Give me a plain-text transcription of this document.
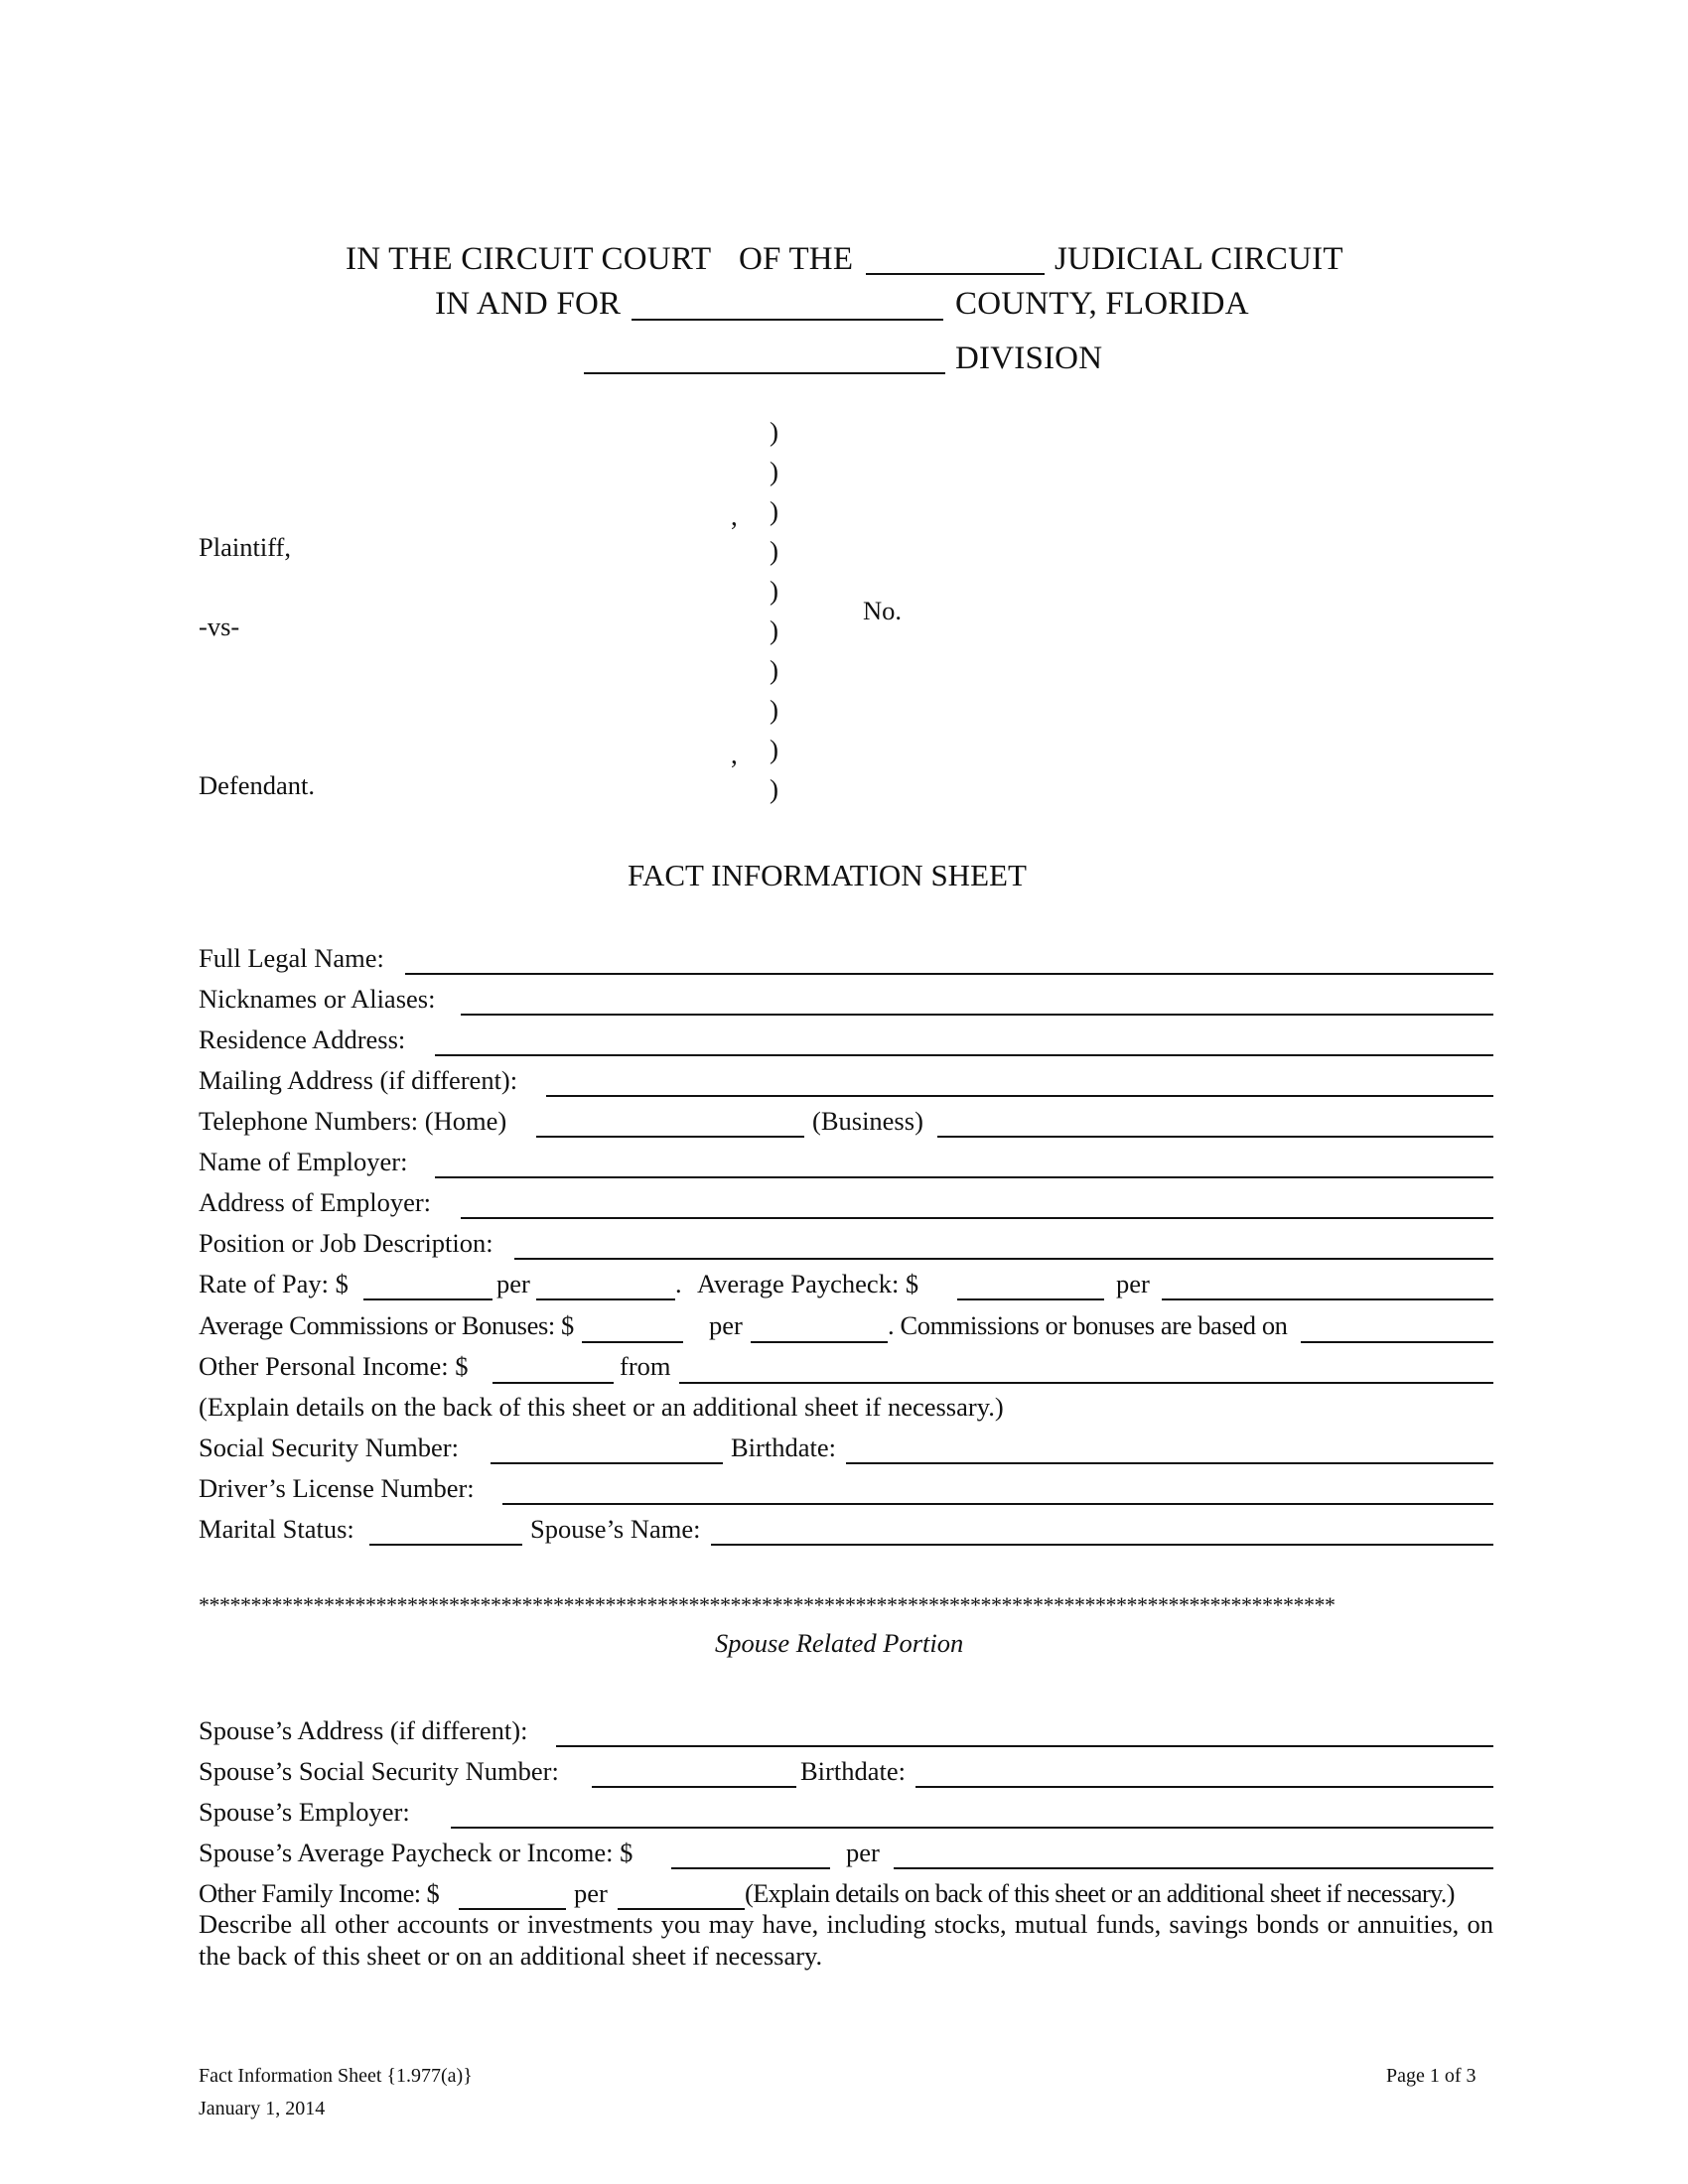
IN THE CIRCUIT COURT OF THE	JUDICIAL CIRCUIT
IN AND FOR	COUNTY, FLORIDA
DIVISION
)
)
)
)
)
)
)
)
)
)
,
,
Plaintiff,
-vs-
Defendant.
No.
FACT INFORMATION SHEET
Full Legal Name:
Nicknames or Aliases:
Residence Address:
Mailing Address (if different):
Telephone Numbers: (Home)	(Business)
Name of Employer:
Address of Employer:
Position or Job Description:
Rate of Pay: $	per	. Average Paycheck: $	per
Average Commissions or Bonuses: $	per	. Commissions or bonuses are based on
Other Personal Income: $	from
(Explain details on the back of this sheet or an additional sheet if necessary.)
Social Security Number:	Birthdate:
Driver’s License Number:
Marital Status:	Spouse’s Name:
*************************************************************************************************************
Spouse Related Portion
Spouse’s Address (if different):
Spouse’s Social Security Number:	Birthdate:
Spouse’s Employer:
Spouse’s Average Paycheck or Income: $	per
Other Family Income: $	per	(Explain details on back of this sheet or an additional sheet if necessary.)
Describe all other accounts or investments you may have, including stocks, mutual funds, savings bonds or annuities, on the back of this sheet or on an additional sheet if necessary.
Fact Information Sheet {1.977(a)}
January 1, 2014
Page 1 of 3
